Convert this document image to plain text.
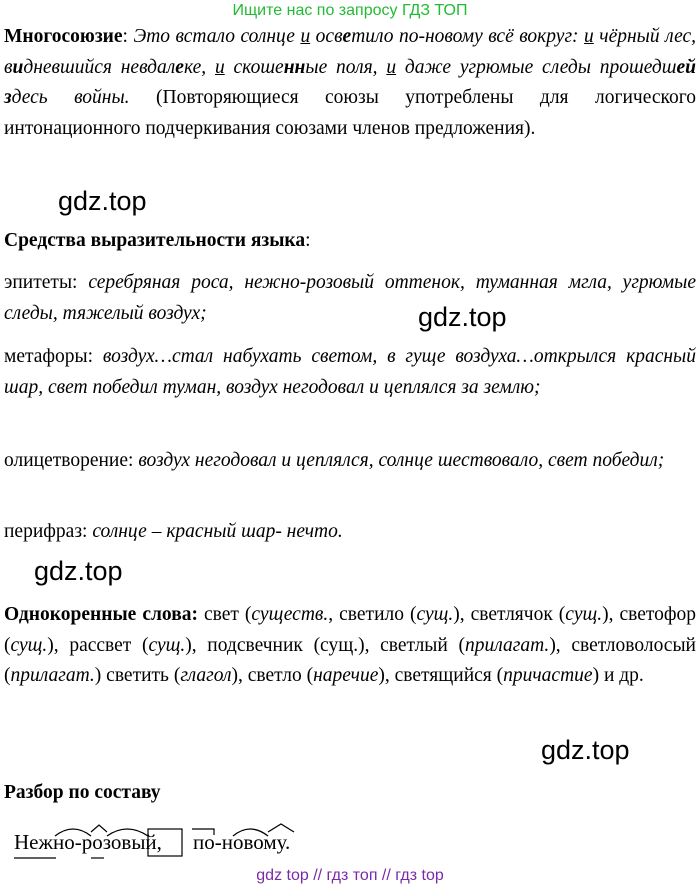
Ищите нас по запросу ГДЗ ТОП
gdz.top
gdz.top
gdz.top
gdz.top
Многосоюзие: Это встало солнце и осветило по-новому всё вокруг: и чёрный лес, видневшийся невдалеке, и скошенные поля, и даже угрюмые следы прошедшей здесь войны. (Повторяющиеся союзы употреблены для логического интонационного подчеркивания союзами членов предложения).
Средства выразительности языка:
эпитеты: серебряная роса, нежно-розовый оттенок, туманная мгла, угрюмые следы, тяжелый воздух;
метафоры: воздух…стал набухать светом, в гуще воздуха…открылся красный шар, свет победил туман, воздух негодовал и цеплялся за землю;
олицетворение: воздух негодовал и цеплялся, солнце шествовало, свет победил;
перифраз: солнце – красный шар- нечто.
Однокоренные слова: свет (существ., светило (сущ.), светлячок (сущ.), светофор (сущ.), рассвет (сущ.), подсвечник (сущ.), светлый (прилагат.), светловолосый (прилагат.) светить (глагол), светло (наречие), светящийся (причастие) и др.
Разбор по составу
Нежно-розовый, по-новому.
gdz top // гдз топ // гдз top
